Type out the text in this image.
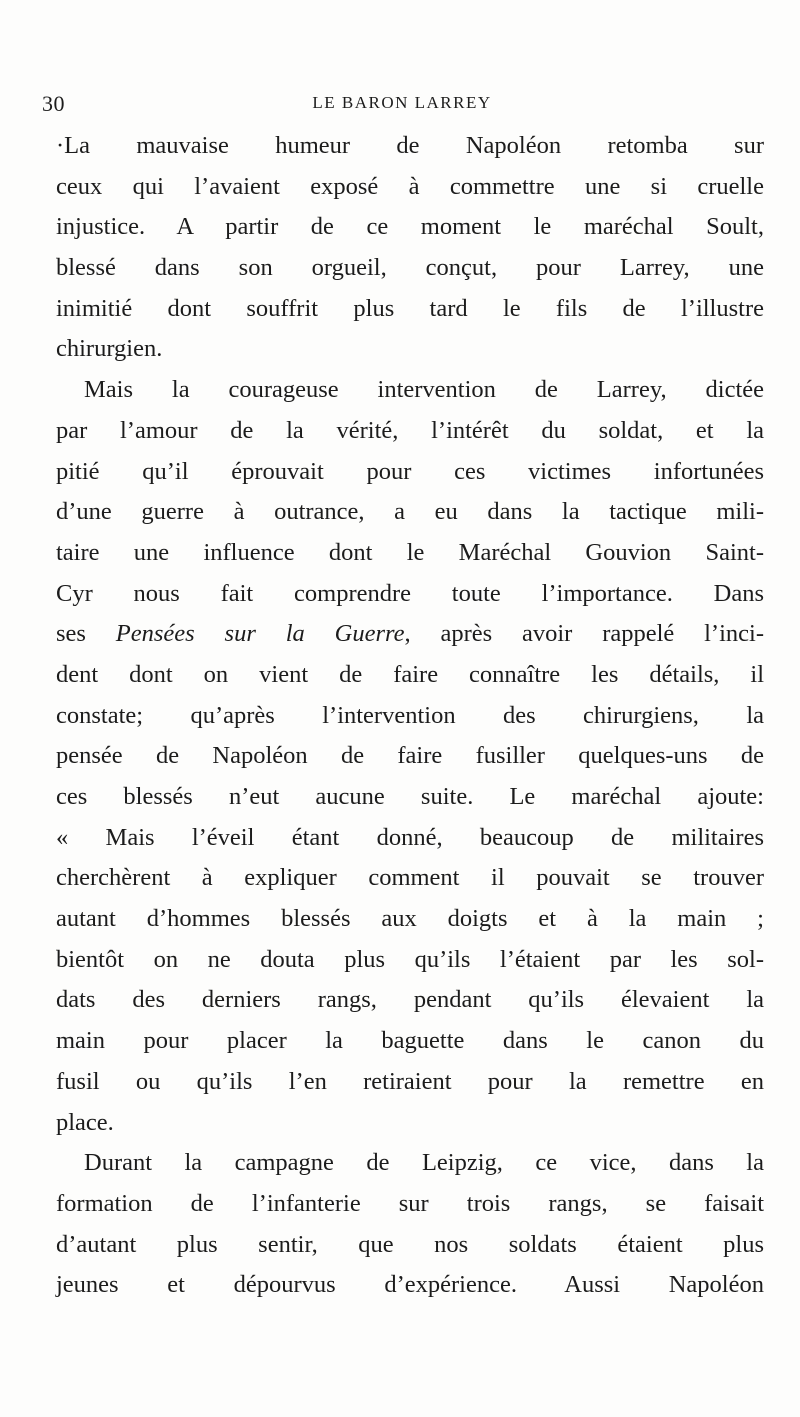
30	LE BARON LARREY
·La mauvaise humeur de Napoléon retomba sur
ceux qui l’avaient exposé à commettre une si cruelle
injustice. A partir de ce moment le maréchal Soult,
blessé dans son orgueil, conçut, pour Larrey, une
inimitié dont souffrit plus tard le fils de l’illustre
chirurgien.
Mais la courageuse intervention de Larrey, dictée
par l’amour de la vérité, l’intérêt du soldat, et la
pitié qu’il éprouvait pour ces victimes infortunées
d’une guerre à outrance, a eu dans la tactique mili-
taire une influence dont le Maréchal Gouvion Saint-
Cyr nous fait comprendre toute l’importance. Dans
ses Pensées sur la Guerre, après avoir rappelé l’inci-
dent dont on vient de faire connaître les détails, il
constate; qu’après l’intervention des chirurgiens, la
pensée de Napoléon de faire fusiller quelques-uns de
ces blessés n’eut aucune suite. Le maréchal ajoute:
« Mais l’éveil étant donné, beaucoup de militaires
cherchèrent à expliquer comment il pouvait se trouver
autant d’hommes blessés aux doigts et à la main ;
bientôt on ne douta plus qu’ils l’étaient par les sol-
dats des derniers rangs, pendant qu’ils élevaient la
main pour placer la baguette dans le canon du
fusil ou qu’ils l’en retiraient pour la remettre en
place.
Durant la campagne de Leipzig, ce vice, dans la
formation de l’infanterie sur trois rangs, se faisait
d’autant plus sentir, que nos soldats étaient plus
jeunes et dépourvus d’expérience. Aussi Napoléon
